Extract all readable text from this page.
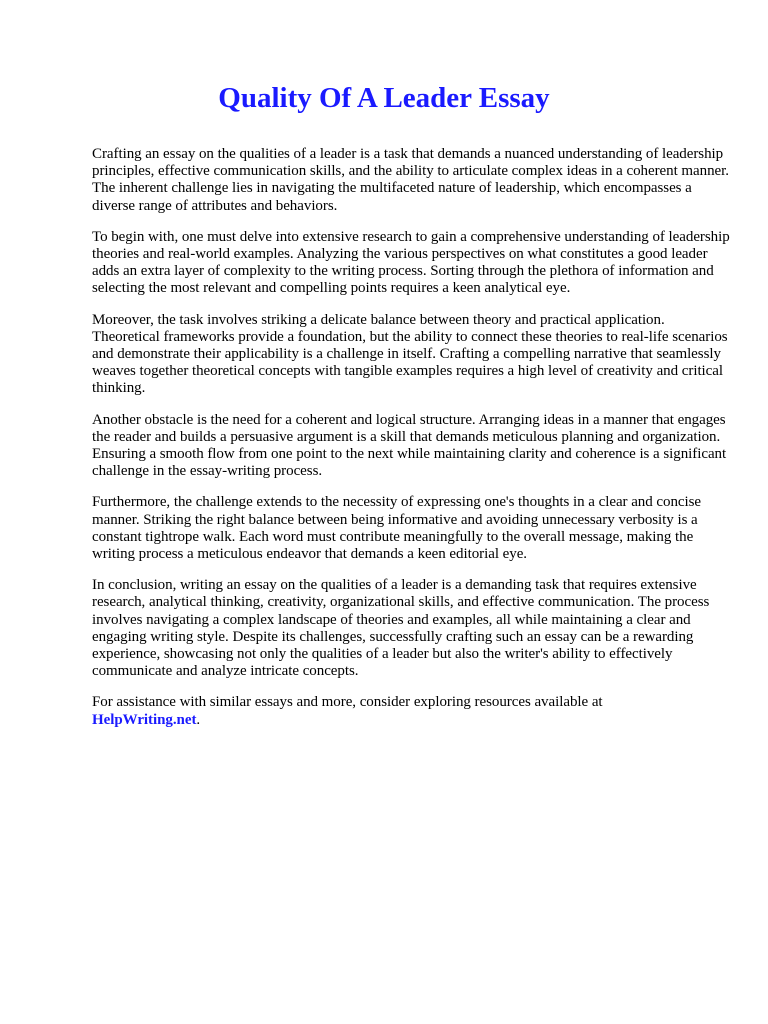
Quality Of A Leader Essay

Crafting an essay on the qualities of a leader is a task that demands a nuanced understanding of leadership principles, effective communication skills, and the ability to articulate complex ideas in a coherent manner. The inherent challenge lies in navigating the multifaceted nature of leadership, which encompasses a diverse range of attributes and behaviors.

To begin with, one must delve into extensive research to gain a comprehensive understanding of leadership theories and real-world examples. Analyzing the various perspectives on what constitutes a good leader adds an extra layer of complexity to the writing process. Sorting through the plethora of information and selecting the most relevant and compelling points requires a keen analytical eye.

Moreover, the task involves striking a delicate balance between theory and practical application. Theoretical frameworks provide a foundation, but the ability to connect these theories to real-life scenarios and demonstrate their applicability is a challenge in itself. Crafting a compelling narrative that seamlessly weaves together theoretical concepts with tangible examples requires a high level of creativity and critical thinking.

Another obstacle is the need for a coherent and logical structure. Arranging ideas in a manner that engages the reader and builds a persuasive argument is a skill that demands meticulous planning and organization. Ensuring a smooth flow from one point to the next while maintaining clarity and coherence is a significant challenge in the essay-writing process.

Furthermore, the challenge extends to the necessity of expressing one's thoughts in a clear and concise manner. Striking the right balance between being informative and avoiding unnecessary verbosity is a constant tightrope walk. Each word must contribute meaningfully to the overall message, making the writing process a meticulous endeavor that demands a keen editorial eye.

In conclusion, writing an essay on the qualities of a leader is a demanding task that requires extensive research, analytical thinking, creativity, organizational skills, and effective communication. The process involves navigating a complex landscape of theories and examples, all while maintaining a clear and engaging writing style. Despite its challenges, successfully crafting such an essay can be a rewarding experience, showcasing not only the qualities of a leader but also the writer's ability to effectively communicate and analyze intricate concepts.

For assistance with similar essays and more, consider exploring resources available at
HelpWriting.net.
